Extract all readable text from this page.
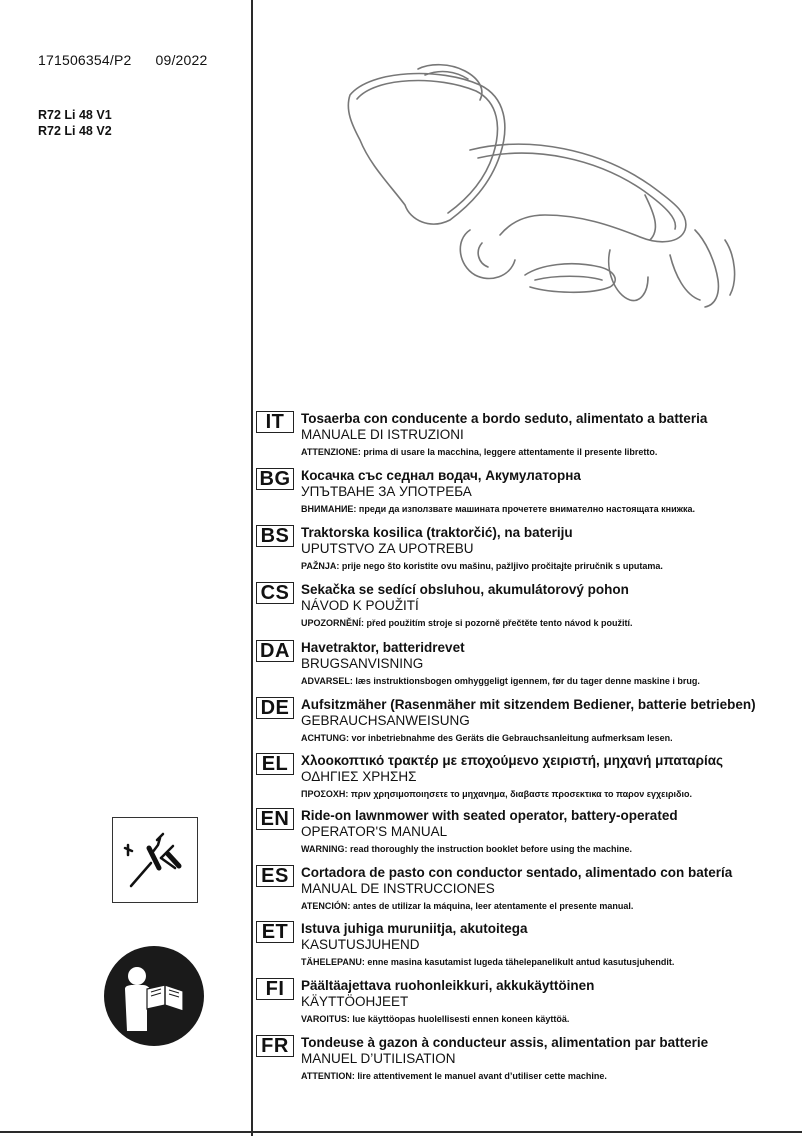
171506354/P2 09/2022
R72 Li 48 V1
R72 Li 48 V2
IT	Tosaerba con conducente a bordo seduto, alimentato a batteria
MANUALE DI ISTRUZIONI
ATTENZIONE: prima di usare la macchina, leggere attentamente il presente libretto.
BG Косачка със седнал водач, Акумулаторна
УПЪТВАНЕ ЗА УПОТРЕБА
ВНИМАНИЕ: преди да използвате машината прочетете внимателно настоящата книжка.
BS Traktorska kosilica (traktorčić), na bateriju
UPUTSTVO ZA UPOTREBU
PAŽNJA: prije nego što koristite ovu mašinu, pažljivo pročitajte priručnik s uputama.
CS Sekačka se sedící obsluhou, akumulátorový pohon
NÁVOD K POUŽITÍ
UPOZORNĚNÍ: před použitím stroje si pozorně přečtěte tento návod k použití.
DA Havetraktor, batteridrevet
BRUGSANVISNING
ADVARSEL: læs instruktionsbogen omhyggeligt igennem, før du tager denne maskine i brug.
DE Aufsitzmäher (Rasenmäher mit sitzendem Bediener, batterie betrieben)
GEBRAUCHSANWEISUNG
ACHTUNG: vor inbetriebnahme des Geräts die Gebrauchsanleitung aufmerksam lesen.
EL Χλοοκοπτικό τρακτέρ με εποχούμενο χειριστή, μηχανή μπαταρίας
ΟΔΗΓΙΕΣ ΧΡΗΣΗΣ
ΠΡΟΣΟΧΗ: πριν χρησιμοποιησετε το μηχανημα, διαβαστε προσεκτικα το παρον εγχειριδιο.
EN Ride-on lawnmower with seated operator, battery-operated
OPERATOR'S MANUAL
WARNING: read thoroughly the instruction booklet before using the machine.
ES Cortadora de pasto con conductor sentado, alimentado con batería
MANUAL DE INSTRUCCIONES
ATENCIÓN: antes de utilizar la máquina, leer atentamente el presente manual.
ET Istuva juhiga muruniitja, akutoitega
KASUTUSJUHEND
TÄHELEPANU: enne masina kasutamist lugeda tähelepanelikult antud kasutusjuhendit.
FI	Päältäajettava ruohonleikkuri, akkukäyttöinen
KÄYTTÖOHJEET
VAROITUS: lue käyttöopas huolellisesti ennen koneen käyttöä.
FR Tondeuse à gazon à conducteur assis, alimentation par batterie
MANUEL D’UTILISATION
ATTENTION: lire attentivement le manuel avant d’utiliser cette machine.
